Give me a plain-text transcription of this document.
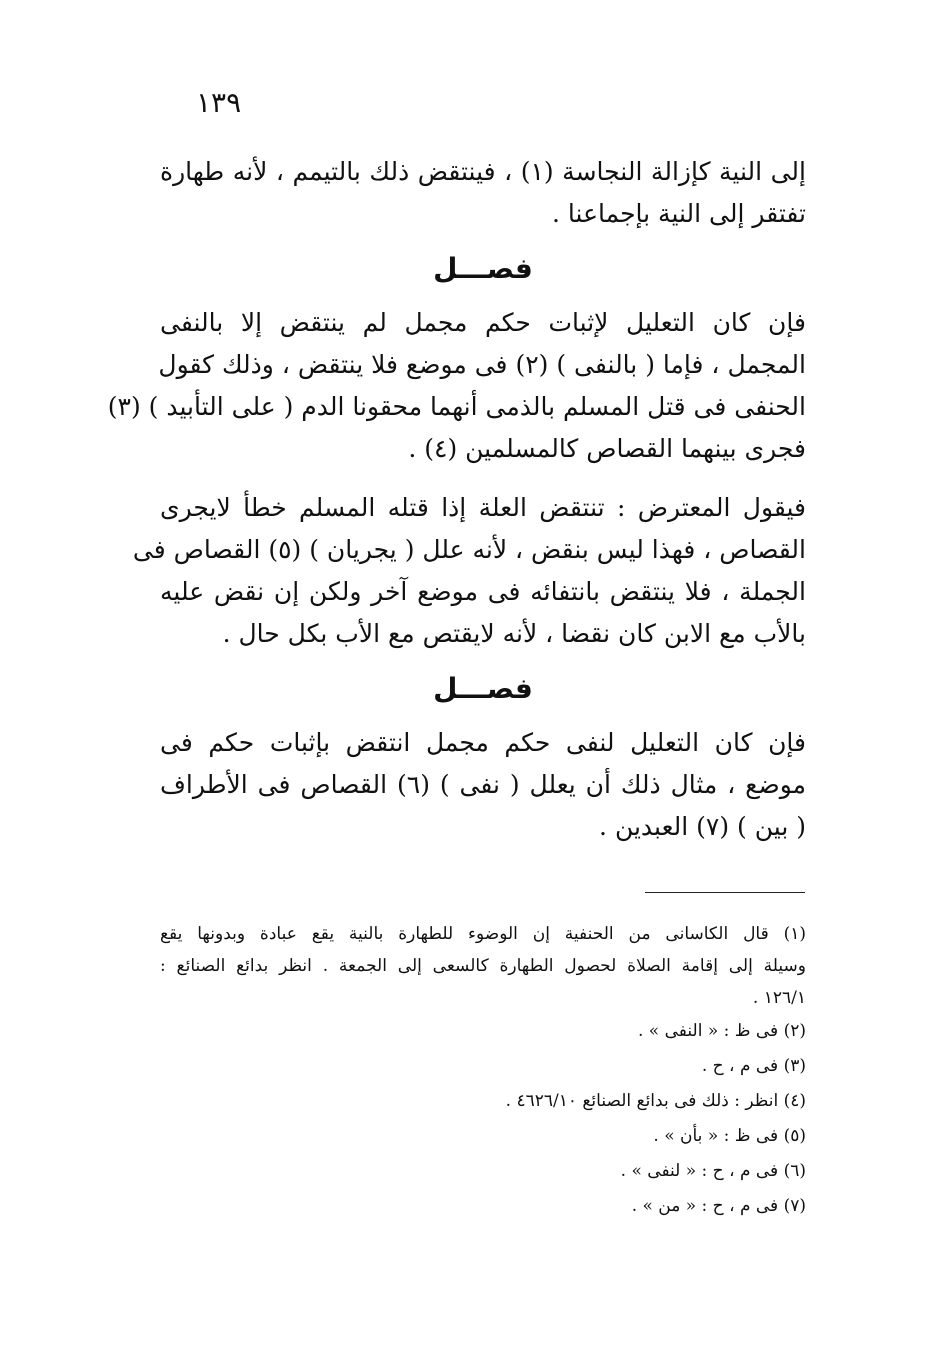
١٣٩
إلى النية كإزالة النجاسة (١) ، فينتقض ذلك بالتيمم ، لأنه طهارة
تفتقر إلى النية بإجماعنا .
فصـــل
فإن كان التعليل لإثبات حكم مجمل لم ينتقض إلا بالنفى
المجمل ، فإما ( بالنفى ) (٢) فى موضع فلا ينتقض ، وذلك كقول
الحنفى فى قتل المسلم بالذمى أنهما محقونا الدم ( على التأبيد ) (٣)
فجرى بينهما القصاص كالمسلمين (٤) .
فيقول المعترض : تنتقض العلة إذا قتله المسلم خطأ لايجرى
القصاص ، فهذا ليس بنقض ، لأنه علل ( يجريان ) (٥) القصاص فى
الجملة ، فلا ينتقض بانتفائه فى موضع آخر ولكن إن نقض عليه
بالأب مع الابن كان نقضا ، لأنه لايقتص مع الأب بكل حال .
فصـــل
فإن كان التعليل لنفى حكم مجمل انتقض بإثبات حكم فى
موضع ، مثال ذلك أن يعلل ( نفى ) (٦) القصاص فى الأطراف
( بين ) (٧) العبدين .
(١) قال الكاسانى من الحنفية إن الوضوء للطهارة بالنية يقع عبادة وبدونها يقع
وسيلة إلى إقامة الصلاة لحصول الطهارة كالسعى إلى الجمعة . انظر بدائع الصنائع :
١٢٦/١ .
(٢) فى ظ : « النفى » .
(٣) فى م ، ح .
(٤) انظر : ذلك فى بدائع الصنائع ٤٦٢٦/١٠ .
(٥) فى ظ : « بأن » .
(٦) فى م ، ح : « لنفى » .
(٧) فى م ، ح : « من » .
